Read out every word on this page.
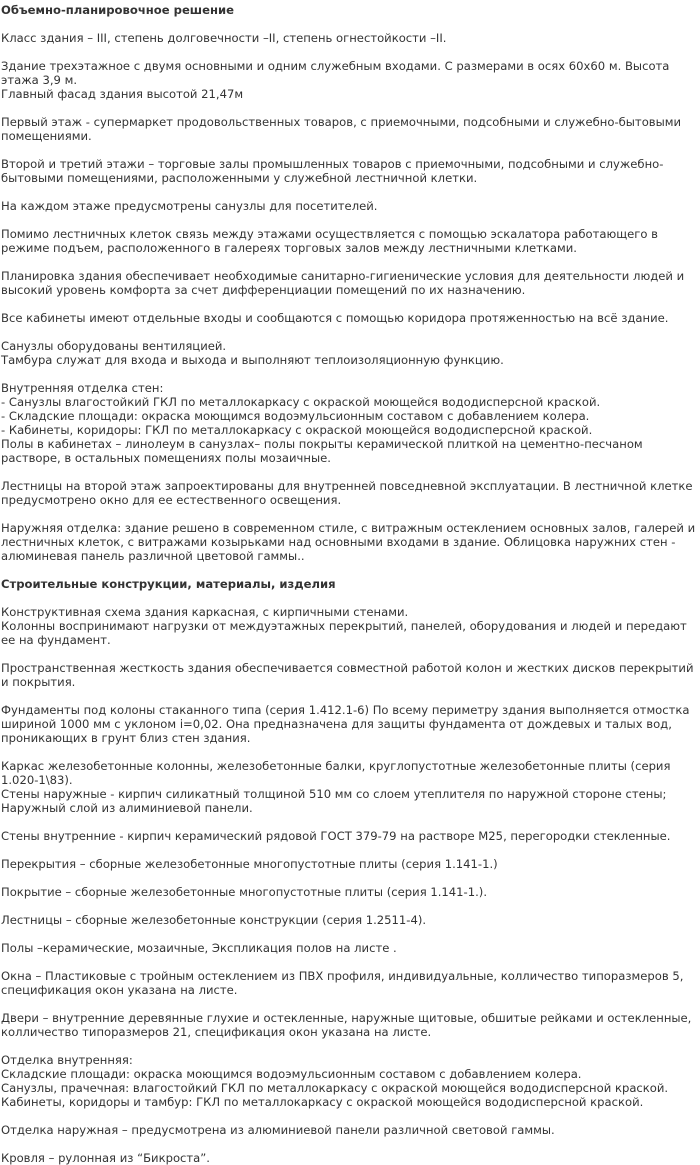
Объемно-планировочное решение

Класс здания – III, степень долговечности –II, степень огнестойкости –II.

Здание трехэтажное с двумя основными и одним служебным входами. С размерами в осях 60х60 м. Высота этажа 3,9 м.
Главный фасад здания высотой 21,47м

Первый этаж - супермаркет продовольственных товаров, с приемочными, подсобными и служебно-бытовыми помещениями.

Второй и третий этажи – торговые залы промышленных товаров с приемочными, подсобными и служебно-бытовыми помещениями, расположенными у служебной лестничной клетки.

На каждом этаже предусмотрены санузлы для посетителей.

Помимо лестничных клеток связь между этажами осуществляется с помощью эскалатора работающего в режиме подъем, расположенного в галереях торговых залов между лестничными клетками.

Планировка здания обеспечивает необходимые санитарно-гигиенические условия для деятельности людей и высокий уровень комфорта за счет дифференциации помещений по их назначению.

Все кабинеты имеют отдельные входы и сообщаются с помощью коридора протяженностью на всё здание.

Санузлы оборудованы вентиляцией.
Тамбура служат для входа и выхода и выполняют теплоизоляционную функцию.

Внутренняя отделка стен:
- Санузлы влагостойкий ГКЛ по металлокаркасу с окраской моющейся вододисперсной краской.
- Складские площади: окраска моющимся водоэмульсионным составом с добавлением колера.
- Кабинеты, коридоры: ГКЛ по металлокаркасу с окраской моющейся вододисперсной краской.
Полы в кабинетах – линолеум в санузлах– полы покрыты керамической плиткой на цементно-песчаном растворе, в остальных помещениях полы мозаичные.

Лестницы на второй этаж запроектированы для внутренней повседневной эксплуатации. В лестничной клетке предусмотрено окно для ее естественного освещения.

Наружняя отделка: здание решено в современном стиле, с витражным остеклением основных залов, галерей и лестничных клеток, с витражами козырьками над основными входами в здание. Облицовка наружних стен - алюминевая панель различной цветовой гаммы..

Строительные конструкции, материалы, изделия

Конструктивная схема здания каркасная, с кирпичными стенами.
Колонны воспринимают нагрузки от междуэтажных перекрытий, панелей, оборудования и людей и передают ее на фундамент.

Пространственная жесткость здания обеспечивается совместной работой колон и жестких дисков перекрытий и покрытия.

Фундаменты под колоны стаканного типа (серия 1.412.1-6) По всему периметру здания выполняется отмостка шириной 1000 мм с уклоном i=0,02. Она предназначена для защиты фундамента от дождевых и талых вод, проникающих в грунт близ стен здания.

Каркас железобетонные колонны, железобетонные балки, круглопустотные железобетонные плиты (серия 1.020-1\83).
Стены наружные - кирпич силикатный толщиной 510 мм со слоем утеплителя по наружной стороне стены; Наружный слой из алиминиевой панели.

Стены внутренние - кирпич керамический рядовой ГОСТ 379-79 на растворе М25, перегородки стекленные.

Перекрытия – сборные железобетонные многопустотные плиты (серия 1.141-1.)

Покрытие – сборные железобетонные многопустотные плиты (серия 1.141-1.).

Лестницы – сборные железобетонные конструкции (серия 1.2511-4).

Полы –керамические, мозаичные, Экспликация полов на листе .

Окна – Пластиковые с тройным остеклением из ПВХ профиля, индивидуальные, колличество типоразмеров 5, спецификация окон указана на листе.

Двери – внутренние деревянные глухие и остекленные, наружные щитовые, обшитые рейками и остекленные, колличество типоразмеров 21, спецификация окон указана на листе.

Отделка внутренняя:
Складские площади: окраска моющимся водоэмульсионным составом с добавлением колера.
Санузлы, прачечная: влагостойкий ГКЛ по металлокаркасу с окраской моющейся вододисперсной краской.
Кабинеты, коридоры и тамбур: ГКЛ по металлокаркасу с окраской моющейся вододисперсной краской.

Отделка наружная – предусмотрена из алюминиевой панели различной световой гаммы.

Кровля – рулонная из “Бикроста”.
